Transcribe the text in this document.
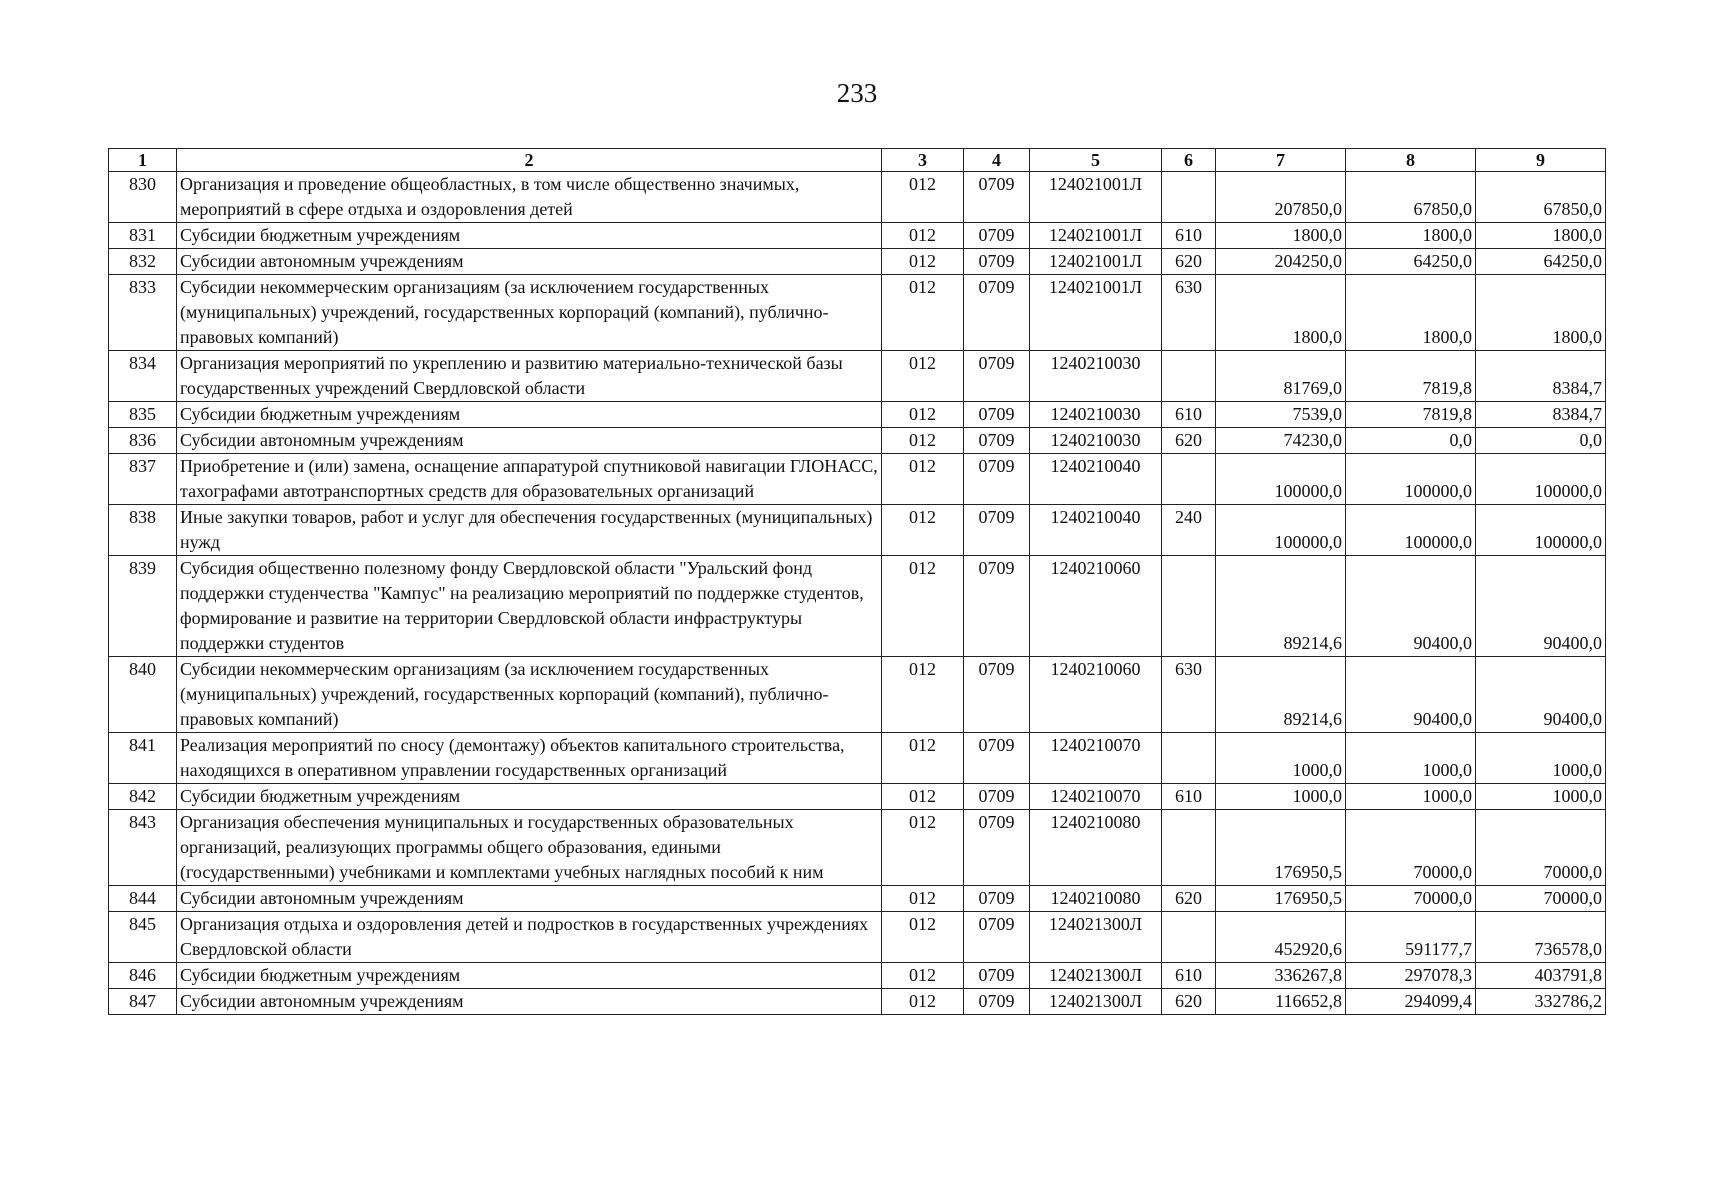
233
1	2	3	4	5	6	7	8	9
830	Организация и проведение общеобластных, в том числе общественно значимых, мероприятий в сфере отдыха и оздоровления детей	012	0709	124021001Л		207850,0	67850,0	67850,0
831	Субсидии бюджетным учреждениям	012	0709	124021001Л	610	1800,0	1800,0	1800,0
832	Субсидии автономным учреждениям	012	0709	124021001Л	620	204250,0	64250,0	64250,0
833	Субсидии некоммерческим организациям (за исключением государственных (муниципальных) учреждений, государственных корпораций (компаний), публично-правовых компаний)	012	0709	124021001Л	630	1800,0	1800,0	1800,0
834	Организация мероприятий по укреплению и развитию материально-технической базы государственных учреждений Свердловской области	012	0709	1240210030		81769,0	7819,8	8384,7
835	Субсидии бюджетным учреждениям	012	0709	1240210030	610	7539,0	7819,8	8384,7
836	Субсидии автономным учреждениям	012	0709	1240210030	620	74230,0	0,0	0,0
837	Приобретение и (или) замена, оснащение аппаратурой спутниковой навигации ГЛОНАСС, тахографами автотранспортных средств для образовательных организаций	012	0709	1240210040		100000,0	100000,0	100000,0
838	Иные закупки товаров, работ и услуг для обеспечения государственных (муниципальных) нужд	012	0709	1240210040	240	100000,0	100000,0	100000,0
839	Субсидия общественно полезному фонду Свердловской области "Уральский фонд поддержки студенчества "Кампус" на реализацию мероприятий по поддержке студентов, формирование и развитие на территории Свердловской области инфраструктуры поддержки студентов	012	0709	1240210060		89214,6	90400,0	90400,0
840	Субсидии некоммерческим организациям (за исключением государственных (муниципальных) учреждений, государственных корпораций (компаний), публично-правовых компаний)	012	0709	1240210060	630	89214,6	90400,0	90400,0
841	Реализация мероприятий по сносу (демонтажу) объектов капитального строительства, находящихся в оперативном управлении государственных организаций	012	0709	1240210070		1000,0	1000,0	1000,0
842	Субсидии бюджетным учреждениям	012	0709	1240210070	610	1000,0	1000,0	1000,0
843	Организация обеспечения муниципальных и государственных образовательных организаций, реализующих программы общего образования, едиными (государственными) учебниками и комплектами учебных наглядных пособий к ним	012	0709	1240210080		176950,5	70000,0	70000,0
844	Субсидии автономным учреждениям	012	0709	1240210080	620	176950,5	70000,0	70000,0
845	Организация отдыха и оздоровления детей и подростков в государственных учреждениях Свердловской области	012	0709	124021300Л		452920,6	591177,7	736578,0
846	Субсидии бюджетным учреждениям	012	0709	124021300Л	610	336267,8	297078,3	403791,8
847	Субсидии автономным учреждениям	012	0709	124021300Л	620	116652,8	294099,4	332786,2
